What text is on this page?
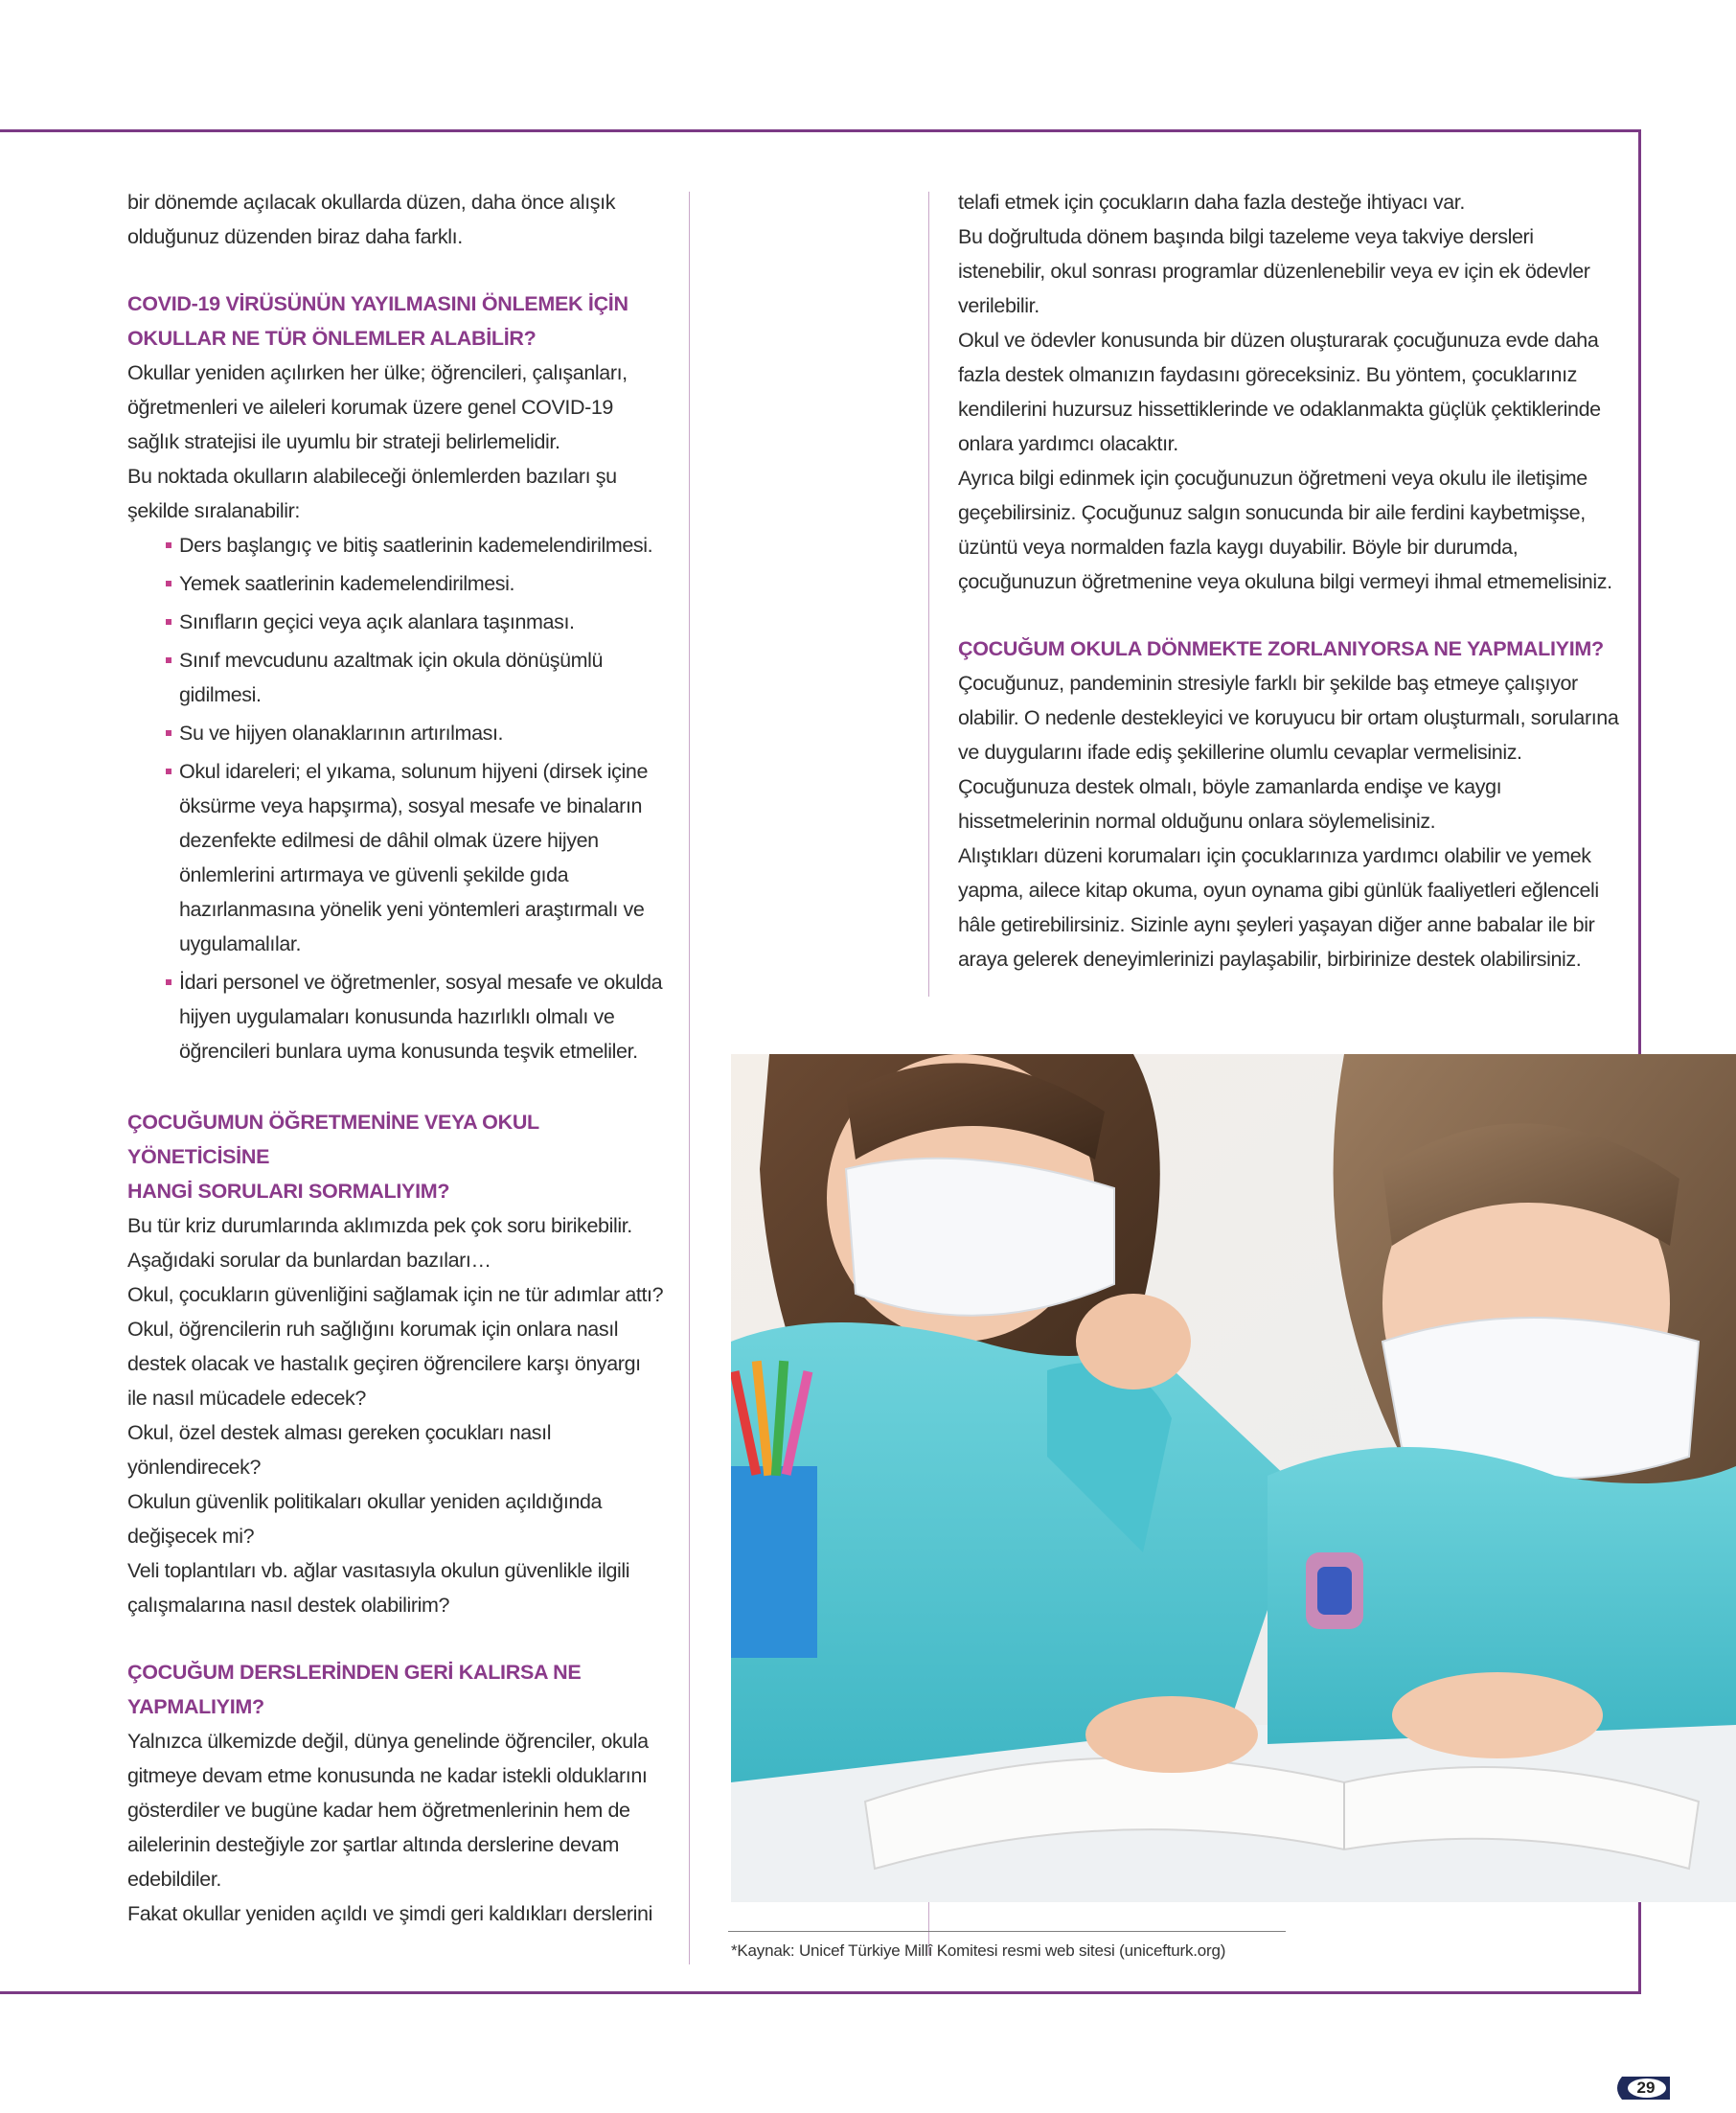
bir dönemde açılacak okullarda düzen, daha önce alışık

olduğunuz düzenden biraz daha farklı.

COVID-19 VİRÜSÜNÜN YAYILMASINI ÖNLEMEK İÇİN
OKULLAR NE TÜR ÖNLEMLER ALABİLİR?

Okullar yeniden açılırken her ülke; öğrencileri, çalışanları, öğretmenleri ve aileleri korumak üzere genel COVID-19 sağlık stratejisi ile uyumlu bir strateji belirlemelidir.

Bu noktada okulların alabileceği önlemlerden bazıları şu şekilde sıralanabilir:

Ders başlangıç ve bitiş saatlerinin kademelendirilmesi.
Yemek saatlerinin kademelendirilmesi.
Sınıfların geçici veya açık alanlara taşınması.
Sınıf mevcudunu azaltmak için okula dönüşümlü gidilmesi.
Su ve hijyen olanaklarının artırılması.
Okul idareleri; el yıkama, solunum hijyeni (dirsek içine öksürme veya hapşırma), sosyal mesafe ve binaların dezenfekte edilmesi de dâhil olmak üzere hijyen önlemlerini artırmaya ve güvenli şekilde gıda hazırlanmasına yönelik yeni yöntemleri araştırmalı ve uygulamalılar.
İdari personel ve öğretmenler, sosyal mesafe ve okulda hijyen uygulamaları konusunda hazırlıklı olmalı ve öğrencileri bunlara uyma konusunda teşvik etmeliler.
ÇOCUĞUMUN ÖĞRETMENİNE VEYA OKUL YÖNETİCİSİNE
HANGİ SORULARI SORMALIYIM?

Bu tür kriz durumlarında aklımızda pek çok soru birikebilir. Aşağıdaki sorular da bunlardan bazıları…

Okul, çocukların güvenliğini sağlamak için ne tür adımlar attı?

Okul, öğrencilerin ruh sağlığını korumak için onlara nasıl destek olacak ve hastalık geçiren öğrencilere karşı önyargı ile nasıl mücadele edecek?

Okul, özel destek alması gereken çocukları nasıl yönlendirecek?

Okulun güvenlik politikaları okullar yeniden açıldığında değişecek mi?

Veli toplantıları vb. ağlar vasıtasıyla okulun güvenlikle ilgili çalışmalarına nasıl destek olabilirim?

ÇOCUĞUM DERSLERİNDEN GERİ KALIRSA NE
YAPMALIYIM?

Yalnızca ülkemizde değil, dünya genelinde öğrenciler, okula gitmeye devam etme konusunda ne kadar istekli olduklarını gösterdiler ve bugüne kadar hem öğretmenlerinin hem de ailelerinin desteğiyle zor şartlar altında derslerine devam edebildiler.

Fakat okullar yeniden açıldı ve şimdi geri kaldıkları derslerini

telafi etmek için çocukların daha fazla desteğe ihtiyacı var.

Bu doğrultuda dönem başında bilgi tazeleme veya takviye dersleri istenebilir, okul sonrası programlar düzenlenebilir veya ev için ek ödevler verilebilir.

Okul ve ödevler konusunda bir düzen oluşturarak çocuğunuza evde daha fazla destek olmanızın faydasını göreceksiniz. Bu yöntem, çocuklarınız kendilerini huzursuz hissettiklerinde ve odaklanmakta güçlük çektiklerinde onlara yardımcı olacaktır.

Ayrıca bilgi edinmek için çocuğunuzun öğretmeni veya okulu ile iletişime geçebilirsiniz. Çocuğunuz salgın sonucunda bir aile ferdini kaybetmişse, üzüntü veya normalden fazla kaygı duyabilir. Böyle bir durumda, çocuğunuzun öğretmenine veya okuluna bilgi vermeyi ihmal etmemelisiniz.

ÇOCUĞUM OKULA DÖNMEKTE ZORLANIYORSA NE YAPMALIYIM?

Çocuğunuz, pandeminin stresiyle farklı bir şekilde baş etmeye çalışıyor olabilir. O nedenle destekleyici ve koruyucu bir ortam oluşturmalı, sorularına ve duygularını ifade ediş şekillerine olumlu cevaplar vermelisiniz. Çocuğunuza destek olmalı, böyle zamanlarda endişe ve kaygı hissetmelerinin normal olduğunu onlara söylemelisiniz.

Alıştıkları düzeni korumaları için çocuklarınıza yardımcı olabilir ve yemek yapma, ailece kitap okuma, oyun oynama gibi günlük faaliyetleri eğlenceli hâle getirebilirsiniz. Sizinle aynı şeyleri yaşayan diğer anne babalar ile bir araya gelerek deneyimlerinizi paylaşabilir, birbirinize destek olabilirsiniz.

*Kaynak: Unicef Türkiye Millî Komitesi resmi web sitesi (unicefturk.org)
29
